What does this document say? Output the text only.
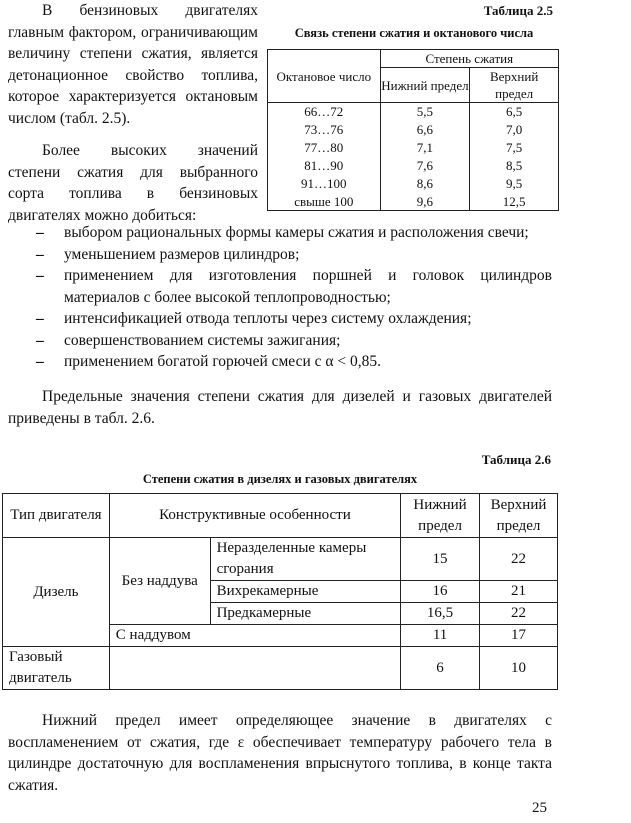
В бензиновых двигателях главным фактором, ограничивающим величину степени сжатия, является детонационное свойство топлива, которое характеризуется октановым числом (табл. 2.5).

Более высоких значений степени сжатия для выбранного сорта топлива в бензиновых двигателях можно добиться:

Таблица 2.5
Связь степени сжатия и октанового числа
Октановое число	Степень сжатия	
	Нижний предел	Верхний предел
66…72	5,5	6,5
73…76	6,6	7,0
77…80	7,1	7,5
81…90	7,6	8,5
91…100	8,6	9,5
свыше 100	9,6	12,5
– выбором рациональных формы камеры сжатия и расположения свечи;
– уменьшением размеров цилиндров;
– применением для изготовления поршней и головок цилиндров материалов с более высокой теплопроводностью;
– интенсификацией отвода теплоты через систему охлаждения;
– совершенствованием системы зажигания;
– применением богатой горючей смеси с α < 0,85.

Предельные значения степени сжатия для дизелей и газовых двигателей приведены в табл. 2.6.

Таблица 2.6
Степени сжатия в дизелях и газовых двигателях
Тип двигателя	Конструктивные особенности		Нижний предел	Верхний предел
Дизель	Без наддува	Неразделенные камеры сгорания	15	22
		Вихрекамерные	16	21
		Предкамерные	16,5	22
	С наддувом		11	17
Газовый двигатель			6	10

Нижний предел имеет определяющее значение в двигателях с воспламенением от сжатия, где ε обеспечивает температуру рабочего тела в цилиндре достаточную для воспламенения впрыснутого топлива, в конце такта сжатия.

25
